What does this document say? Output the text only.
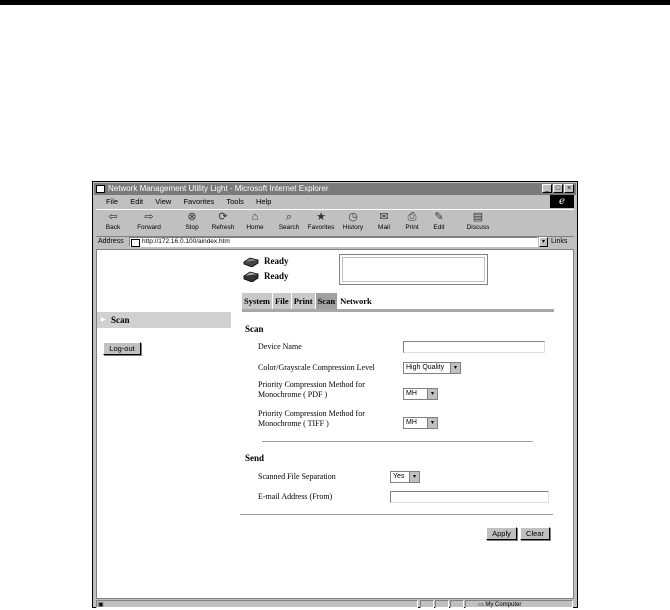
Network Management Utility Light - Microsoft Internet Explorer	_ □ ×
File Edit View Favorites Tools Help	e
⇦
Back
⇨
Forward
⊗
Stop
⟳
Refresh
⌂
Home
⌕
Search
★
Favorites
◷
History
✉
Mail
⎙
Print
✎
Edit
▤
Discuss
Address	http://172.16.0.100/aindex.htm	▾ Links
Ready
Ready
System File Print Scan Network
▶ Scan
Log-out
Scan
Device Name
Color/Grayscale Compression Level	High Quality	▾
Priority Compression Method for
Monochrome ( PDF )	MH	▾
Priority Compression Method for
Monochrome ( TIFF )	MH	▾
Send
Scanned File Separation	Yes	▾
E-mail Address (From)
Apply	Clear
▣	▭ My Computer
